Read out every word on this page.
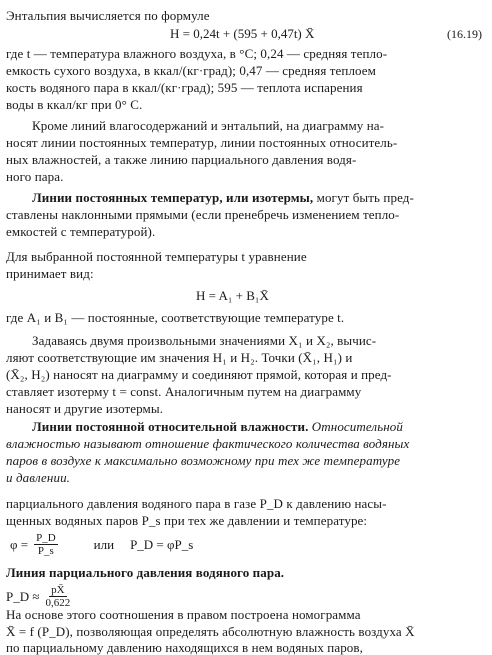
Энтальпия вычисляется по формуле
H = 0,24t + (595 + 0,47t) X̄	(16.19)
где t — температура влажного воздуха, в °С; 0,24 — средняя тепло-
емкость сухого воздуха, в ккал/(кг·град); 0,47 — средняя теплоем
кость водяного пара в ккал/(кг·град); 595 — теплота испарения
воды в ккал/кг при 0° С.
Кроме линий влагосодержаний и энтальпий, на диаграмму на-
носят линии постоянных температур, линии постоянных относитель-
ных влажностей, а также линию парциального давления водя-
ного пара.
Линии постоянных температур, или изотермы, могут быть пред-
ставлены наклонными прямыми (если пренебречь изменением тепло-
емкостей с температурой).
Для выбранной постоянной температуры t уравнение
принимает вид:
H = A₁ + B₁X̄
где A₁ и B₁ — постоянные, соответствующие температуре t.
Задаваясь двумя произвольными значениями X₁ и X₂, вычис-
ляют соответствующие им значения H₁ и H₂. Точки (X̄₁, H₁) и
(X̄₂, H₂) наносят на диаграмму и соединяют прямой, которая и пред-
ставляет изотерму t = const. Аналогичным путем на диаграмму
наносят и другие изотермы.
Линии постоянной относительной влажности. Относительной
влажностью называют отношение фактического количества водяных
паров в воздухе к максимально возможному при тех же температуре
и давлении.
парциального давления водяного пара в газе P_D к давлению насы-
щенных водяных паров P_s при тех же давлении и температуре:
$\varphi = \frac{P\_D}{P\_s}$	или P_D = φP_s
Линия парциального давления водяного пара.
P_D ≈ $\frac{pX̄}{0,622}$
На основе этого соотношения в правом построена номограмма
X̄ = f (P_D), позволяющая определять абсолютную влажность воздуха X̄
по парциальному давлению находящихся в нем водяных паров,
